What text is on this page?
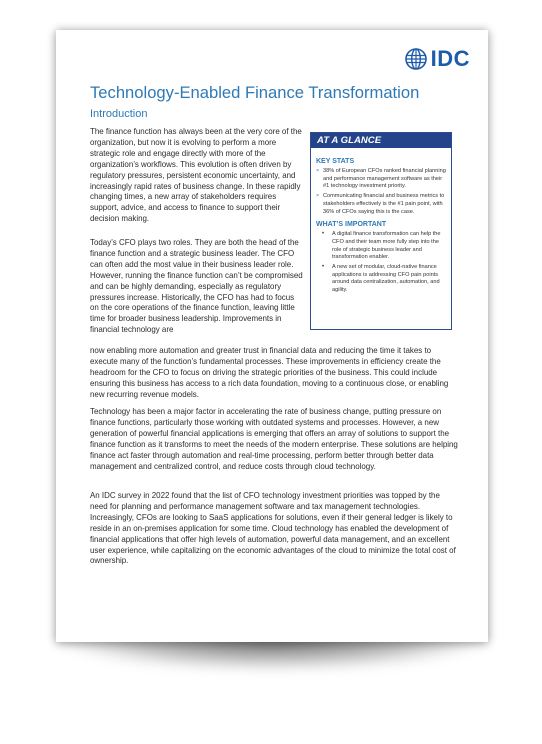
IDC
Technology-Enabled Finance Transformation
Introduction

The finance function has always been at the very core of the organization, but now it is evolving to perform a more strategic role and engage directly with more of the organization’s workflows. This evolution is often driven by regulatory pressures, persistent economic uncertainty, and increasingly rapid rates of business change. In these rapidly changing times, a new array of stakeholders requires support, advice, and access to finance to support their decision making.

Today’s CFO plays two roles. They are both the head of the finance function and a strategic business leader. The CFO can often add the most value in their business leader role. However, running the finance function can’t be compromised and can be highly demanding, especially as regulatory pressures increase. Historically, the CFO has had to focus on the core operations of the finance function, leaving little time for broader business leadership. Improvements in financial technology are

now enabling more automation and greater trust in financial data and reducing the time it takes to execute many of the function’s fundamental processes. These improvements in efficiency create the headroom for the CFO to focus on driving the strategic priorities of the business. This could include ensuring this business has access to a rich data foundation, moving to a continuous close, or enabling new recurring revenue models.

Technology has been a major factor in accelerating the rate of business change, putting pressure on finance functions, particularly those working with outdated systems and processes. However, a new generation of powerful financial applications is emerging that offers an array of solutions to support the finance function as it transforms to meet the needs of the modern enterprise. These solutions are helping finance act faster through automation and real-time processing, perform better through better data management and centralized control, and reduce costs through cloud technology.

An IDC survey in 2022 found that the list of CFO technology investment priorities was topped by the need for planning and performance management software and tax management technologies. Increasingly, CFOs are looking to SaaS applications for solutions, even if their general ledger is likely to reside in an on-premises application for some time. Cloud technology has enabled the development of financial applications that offer high levels of automation, powerful data management, and an excellent user experience, while capitalizing on the economic advantages of the cloud to minimize the total cost of ownership.

AT A GLANCE

KEY STATS

× 38% of European CFOs ranked financial planning and performance management software as their #1 technology investment priority.
× Communicating financial and business metrics to stakeholders effectively is the #1 pain point, with 36% of CFOs saying this is the case.

WHAT’S IMPORTANT

• A digital finance transformation can help the CFO and their team more fully step into the role of strategic business leader and transformation enabler.
• A new set of modular, cloud-native finance applications is addressing CFO pain points around data centralization, automation, and agility.
